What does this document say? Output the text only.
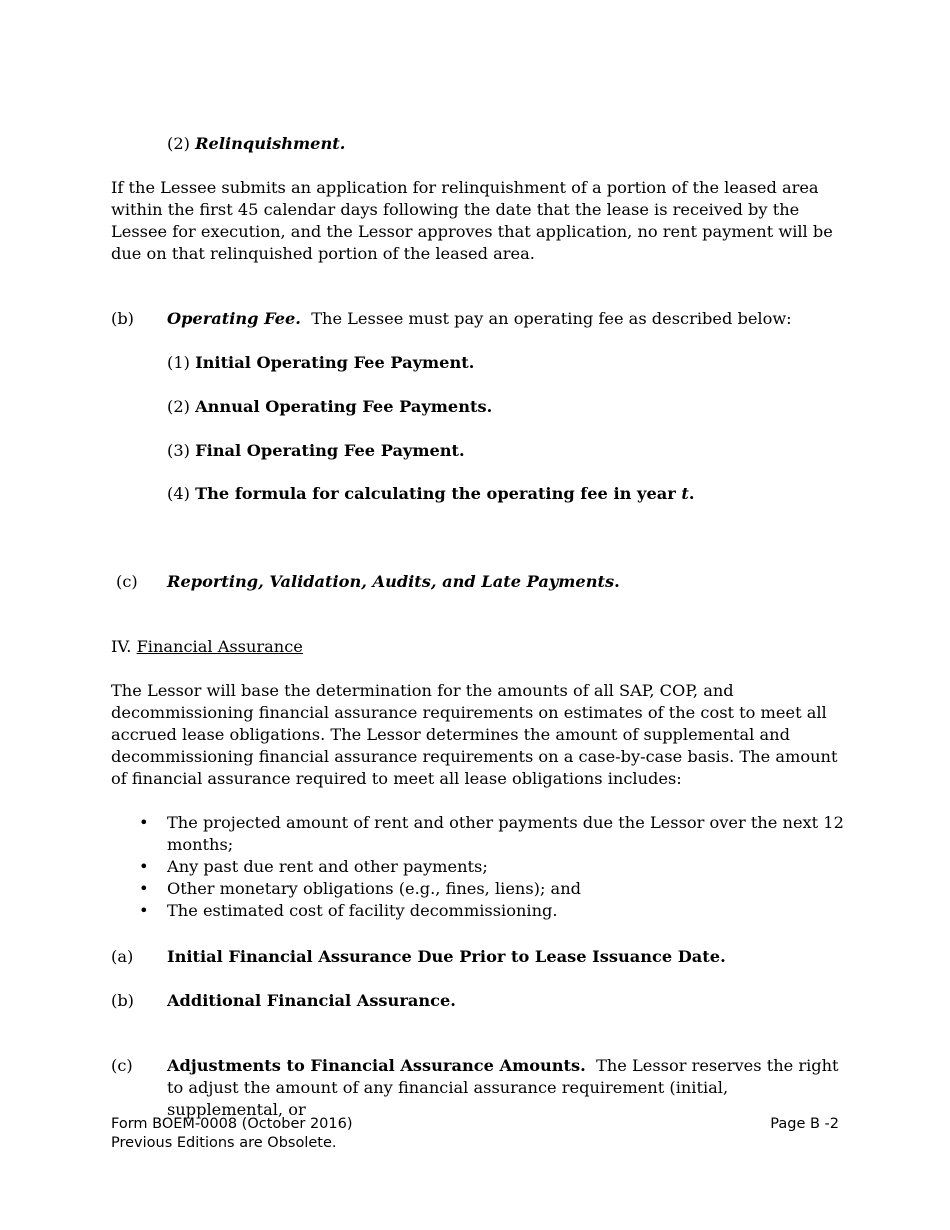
(2) Relinquishment.
If the Lessee submits an application for relinquishment of a portion of the leased area within the first 45 calendar days following the date that the lease is received by the Lessee for execution, and the Lessor approves that application, no rent payment will be due on that relinquished portion of the leased area.
(b) Operating Fee. The Lessee must pay an operating fee as described below:
(1) Initial Operating Fee Payment.
(2) Annual Operating Fee Payments.
(3) Final Operating Fee Payment.
(4) The formula for calculating the operating fee in year t.
(c) Reporting, Validation, Audits, and Late Payments.
IV. Financial Assurance
The Lessor will base the determination for the amounts of all SAP, COP, and decommissioning financial assurance requirements on estimates of the cost to meet all accrued lease obligations. The Lessor determines the amount of supplemental and decommissioning financial assurance requirements on a case-by-case basis. The amount of financial assurance required to meet all lease obligations includes:
• The projected amount of rent and other payments due the Lessor over the next 12 months;
• Any past due rent and other payments;
• Other monetary obligations (e.g., fines, liens); and
• The estimated cost of facility decommissioning.
(a) Initial Financial Assurance Due Prior to Lease Issuance Date.
(b) Additional Financial Assurance.
(c) Adjustments to Financial Assurance Amounts. The Lessor reserves the right to adjust the amount of any financial assurance requirement (initial, supplemental, or
Form BOEM-0008 (October 2016)
Previous Editions are Obsolete.
Page B -2
